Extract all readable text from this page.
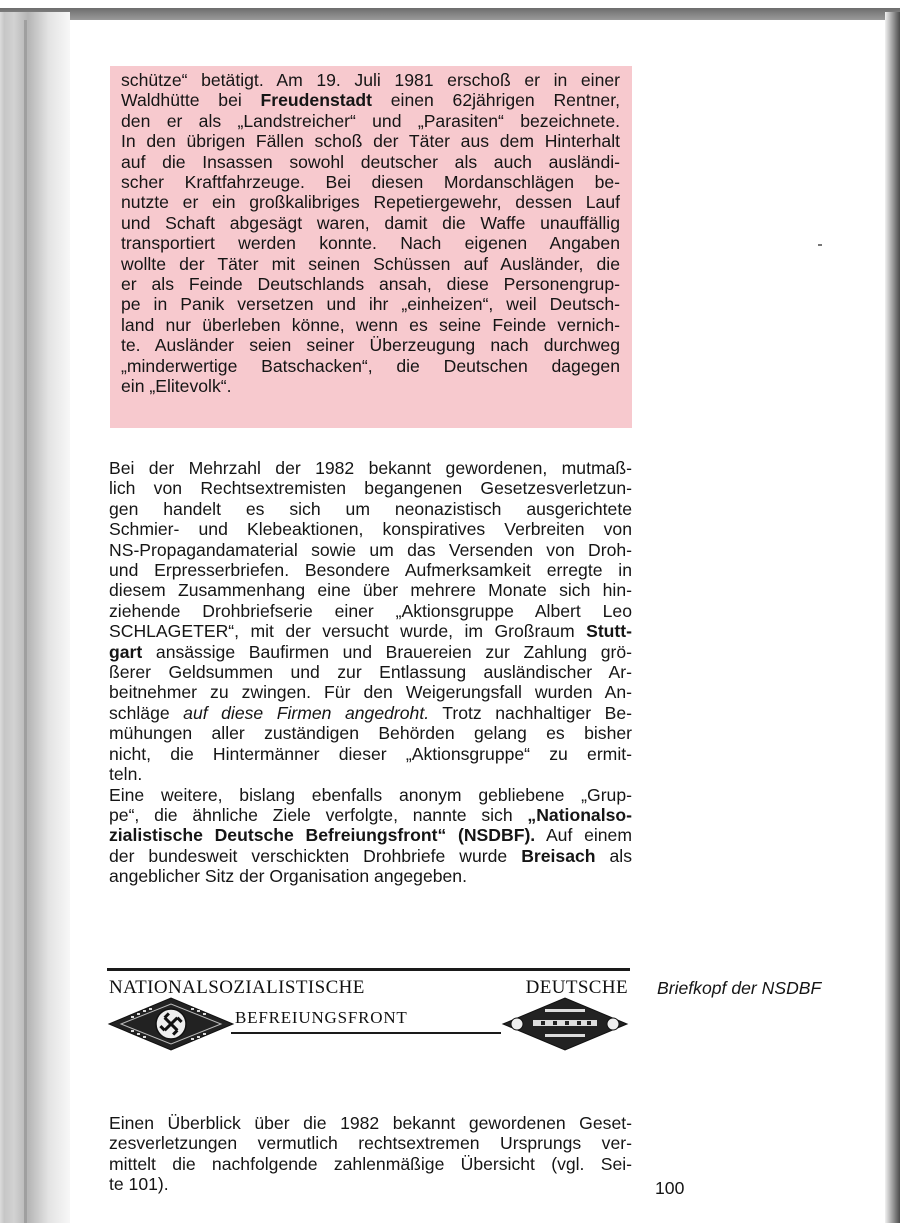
schütze“ betätigt. Am 19. Juli 1981 erschoß er in einer
Waldhütte bei Freudenstadt einen 62jährigen Rentner,
den er als „Landstreicher“ und „Parasiten“ bezeichnete.
In den übrigen Fällen schoß der Täter aus dem Hinterhalt
auf die Insassen sowohl deutscher als auch ausländi-
scher Kraftfahrzeuge. Bei diesen Mordanschlägen be-
nutzte er ein großkalibriges Repetiergewehr, dessen Lauf
und Schaft abgesägt waren, damit die Waffe unauffällig
transportiert werden konnte. Nach eigenen Angaben
wollte der Täter mit seinen Schüssen auf Ausländer, die
er als Feinde Deutschlands ansah, diese Personengrup-
pe in Panik versetzen und ihr „einheizen“, weil Deutsch-
land nur überleben könne, wenn es seine Feinde vernich-
te. Ausländer seien seiner Überzeugung nach durchweg
„minderwertige Batschacken“, die Deutschen dagegen
ein „Elitevolk“.
Bei der Mehrzahl der 1982 bekannt gewordenen, mutmaß-
lich von Rechtsextremisten begangenen Gesetzesverletzun-
gen handelt es sich um neonazistisch ausgerichtete
Schmier- und Klebeaktionen, konspiratives Verbreiten von
NS-Propagandamaterial sowie um das Versenden von Droh-
und Erpresserbriefen. Besondere Aufmerksamkeit erregte in
diesem Zusammenhang eine über mehrere Monate sich hin-
ziehende Drohbriefserie einer „Aktionsgruppe Albert Leo
SCHLAGETER“, mit der versucht wurde, im Großraum Stutt-
gart ansässige Baufirmen und Brauereien zur Zahlung grö-
ßerer Geldsummen und zur Entlassung ausländischer Ar-
beitnehmer zu zwingen. Für den Weigerungsfall wurden An-
schläge auf diese Firmen angedroht. Trotz nachhaltiger Be-
mühungen aller zuständigen Behörden gelang es bisher
nicht, die Hintermänner dieser „Aktionsgruppe“ zu ermit-
teln.
Eine weitere, bislang ebenfalls anonym gebliebene „Grup-
pe“, die ähnliche Ziele verfolgte, nannte sich „Nationalso-
zialistische Deutsche Befreiungsfront“ (NSDBF). Auf einem
der bundesweit verschickten Drohbriefe wurde Breisach als
angeblicher Sitz der Organisation angegeben.
NATIONALSOZIALISTISCHE	DEUTSCHE
BEFREIUNGSFRONT
Briefkopf der NSDBF
Einen Überblick über die 1982 bekannt gewordenen Geset-
zesverletzungen vermutlich rechtsextremen Ursprungs ver-
mittelt die nachfolgende zahlenmäßige Übersicht (vgl. Sei-
te 101).	100
